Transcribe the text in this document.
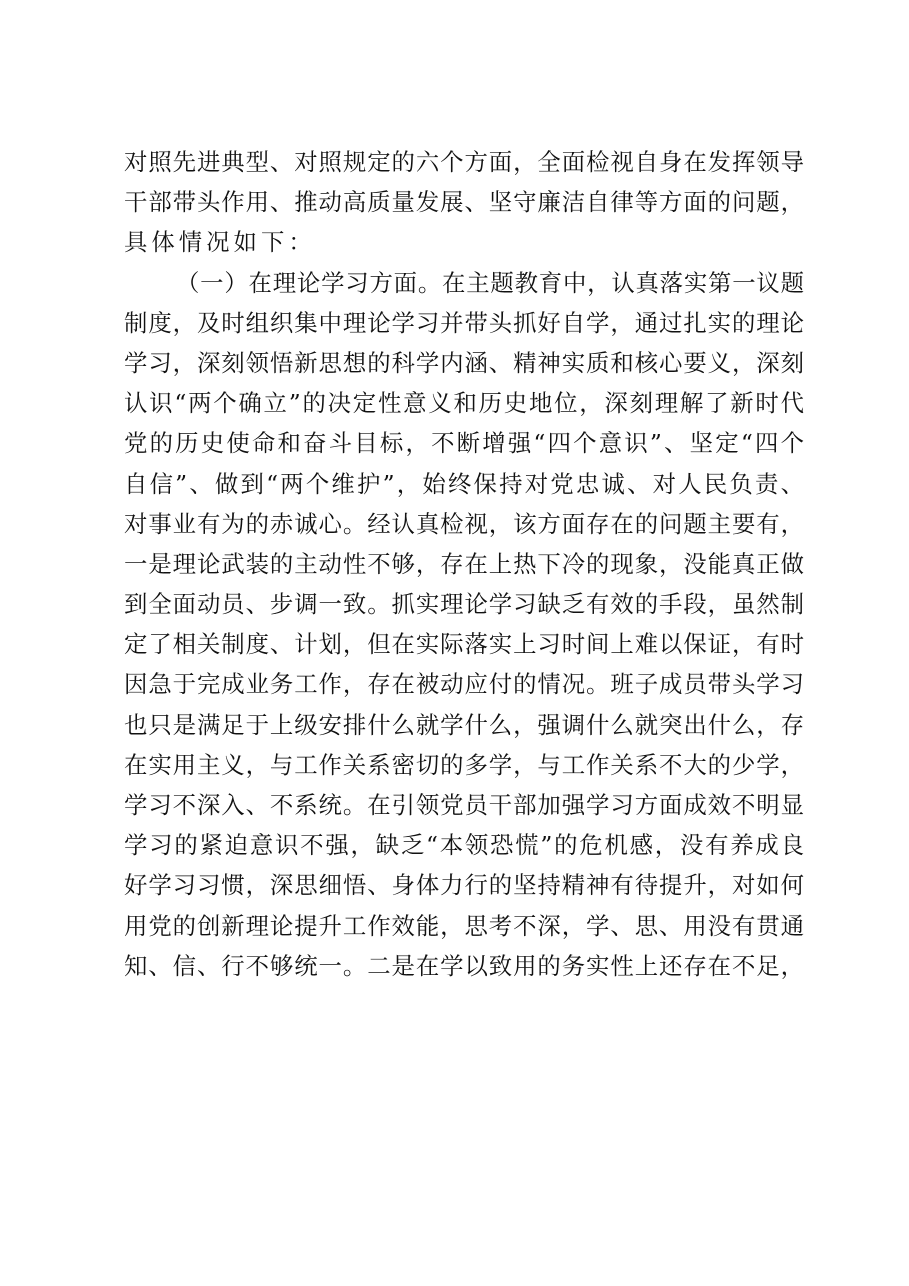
对照先进典型、对照规定的六个方面，全面检视自身在发挥领导
干部带头作用、推动高质量发展、坚守廉洁自律等方面的问题，
具体情况如下：
（一）在理论学习方面。在主题教育中，认真落实第一议题
制度，及时组织集中理论学习并带头抓好自学，通过扎实的理论
学习，深刻领悟新思想的科学内涵、精神实质和核心要义，深刻
认识“两个确立”的决定性意义和历史地位，深刻理解了新时代
党的历史使命和奋斗目标，不断增强“四个意识”、坚定“四个
自信”、做到“两个维护”，始终保持对党忠诚、对人民负责、
对事业有为的赤诚心。经认真检视，该方面存在的问题主要有，
一是理论武装的主动性不够，存在上热下冷的现象，没能真正做
到全面动员、步调一致。抓实理论学习缺乏有效的手段，虽然制
定了相关制度、计划，但在实际落实上习时间上难以保证，有时
因急于完成业务工作，存在被动应付的情况。班子成员带头学习
也只是满足于上级安排什么就学什么，强调什么就突出什么，存
在实用主义，与工作关系密切的多学，与工作关系不大的少学，
学习不深入、不系统。在引领党员干部加强学习方面成效不明显
学习的紧迫意识不强，缺乏“本领恐慌”的危机感，没有养成良
好学习习惯，深思细悟、身体力行的坚持精神有待提升，对如何
用党的创新理论提升工作效能，思考不深，学、思、用没有贯通
知、信、行不够统一。二是在学以致用的务实性上还存在不足，
